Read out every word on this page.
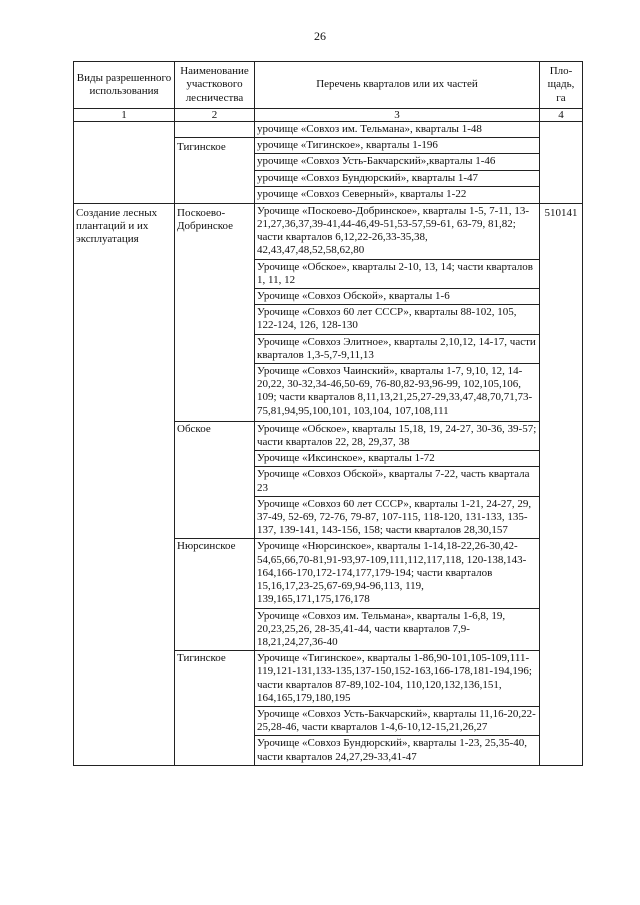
26
Виды разрешенного использования	Наименование участкового лесничества	Перечень кварталов или их частей	Пло-щадь, га
1	2	3	4
		урочище «Совхоз им. Тельмана», кварталы 1-48	
	Тигинское	урочище «Тигинское», кварталы 1-196	
		урочище «Совхоз Усть-Бакчарский»,кварталы 1-46	
		урочище «Совхоз Бундюрский», кварталы 1-47	
		урочище «Совхоз Северный», кварталы 1-22	
Создание лесных плантаций и их эксплуатация	Поскоево-Добринское	Урочище «Поскоево-Добринское», кварталы 1-5, 7-11, 13-21,27,36,37,39-41,44-46,49-51,53-57,59-61, 63-79, 81,82; части кварталов 6,12,22-26,33-35,38, 42,43,47,48,52,58,62,80	510141
		Урочище «Обское», кварталы 2-10, 13, 14; части кварталов 1, 11, 12	
		Урочище «Совхоз Обской», кварталы 1-6	
		Урочище «Совхоз 60 лет СССР», кварталы 88-102, 105, 122-124, 126, 128-130	
		Урочище «Совхоз Элитное», кварталы 2,10,12, 14-17, части кварталов 1,3-5,7-9,11,13	
		Урочище «Совхоз Чаинский», кварталы 1-7, 9,10, 12, 14-20,22, 30-32,34-46,50-69, 76-80,82-93,96-99, 102,105,106, 109; части кварталов 8,11,13,21,25,27-29,33,47,48,70,71,73-75,81,94,95,100,101, 103,104, 107,108,111	
	Обское	Урочище «Обское», кварталы 15,18, 19, 24-27, 30-36, 39-57; части кварталов 22, 28, 29,37, 38	
		Урочище «Иксинское», кварталы 1-72	
		Урочище «Совхоз Обской», кварталы 7-22, часть квартала 23	
		Урочище «Совхоз 60 лет СССР», кварталы 1-21, 24-27, 29, 37-49, 52-69, 72-76, 79-87, 107-115, 118-120, 131-133, 135-137, 139-141, 143-156, 158; части кварталов 28,30,157	
	Нюрсинское	Урочище «Нюрсинское», кварталы 1-14,18-22,26-30,42-54,65,66,70-81,91-93,97-109,111,112,117,118, 120-138,143-164,166-170,172-174,177,179-194; части кварталов 15,16,17,23-25,67-69,94-96,113, 119, 139,165,171,175,176,178	
		Урочище «Совхоз им. Тельмана», кварталы 1-6,8, 19, 20,23,25,26, 28-35,41-44, части кварталов 7,9-18,21,24,27,36-40	
	Тигинское	Урочище «Тигинское», кварталы 1-86,90-101,105-109,111-119,121-131,133-135,137-150,152-163,166-178,181-194,196; части кварталов 87-89,102-104, 110,120,132,136,151, 164,165,179,180,195	
		Урочище «Совхоз Усть-Бакчарский», кварталы 11,16-20,22-25,28-46, части кварталов 1-4,6-10,12-15,21,26,27	
		Урочище «Совхоз Бундюрский», кварталы 1-23, 25,35-40, части кварталов 24,27,29-33,41-47	
